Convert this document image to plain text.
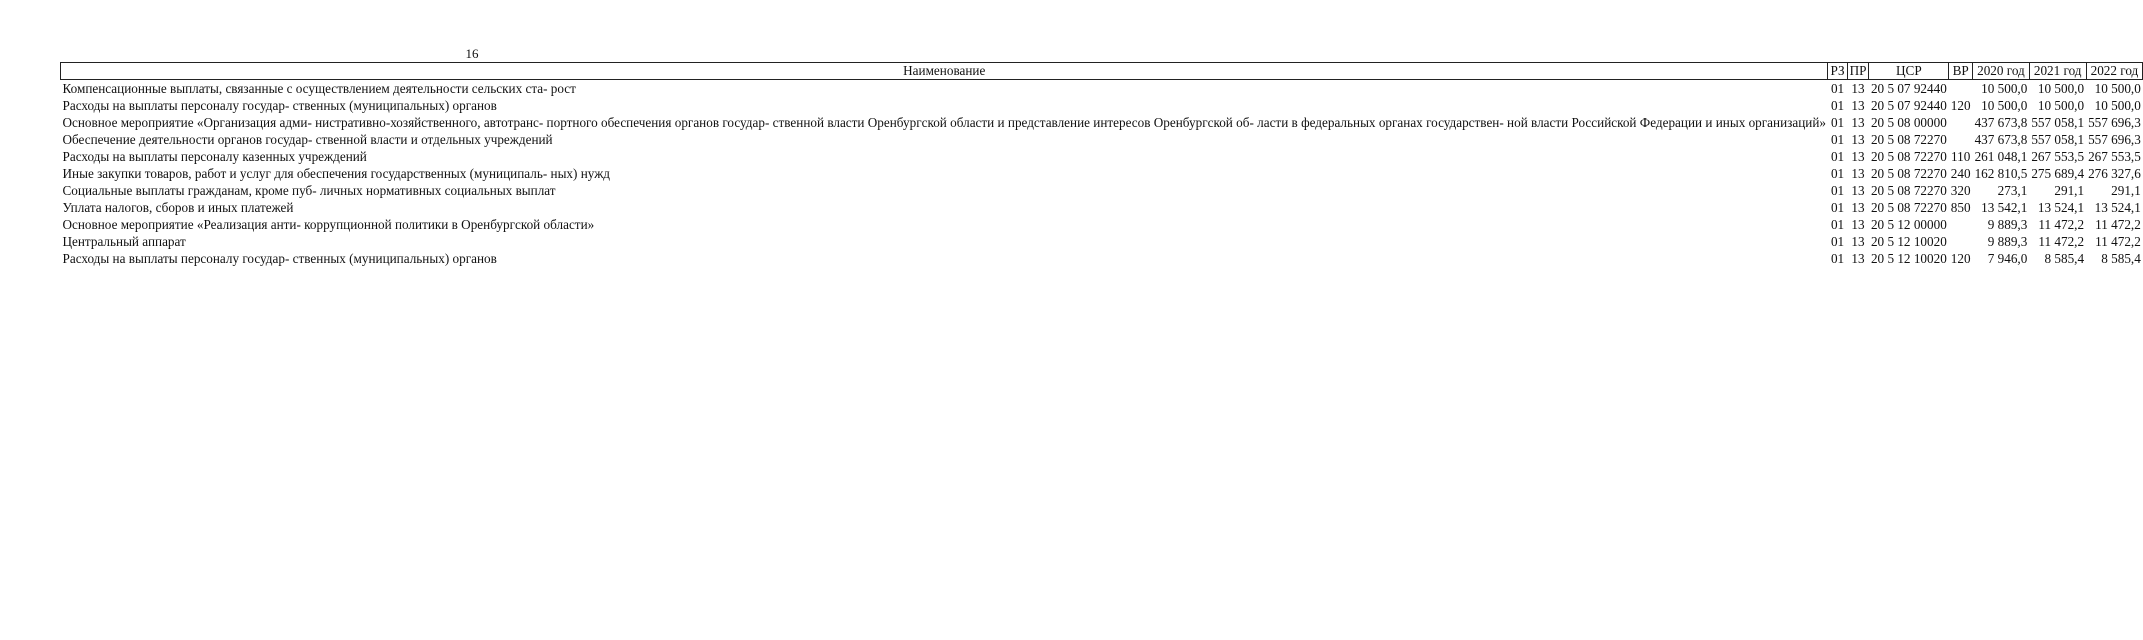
16
Наименование	РЗ	ПР	ЦСР	ВР	2020 год	2021 год	2022 год
Компенсационные выплаты, связанные с осуществлением деятельности сельских ста- рост	01	13	20 5 07 92440		10 500,0	10 500,0	10 500,0
Расходы на выплаты персоналу государ- ственных (муниципальных) органов	01	13	20 5 07 92440	120	10 500,0	10 500,0	10 500,0
Основное мероприятие «Организация адми- нистративно-хозяйственного, автотранс- портного обеспечения органов государ- ственной власти Оренбургской области и представление интересов Оренбургской об- ласти в федеральных органах государствен- ной власти Российской Федерации и иных организаций»	01	13	20 5 08 00000		437 673,8	557 058,1	557 696,3
Обеспечение деятельности органов государ- ственной власти и отдельных учреждений	01	13	20 5 08 72270		437 673,8	557 058,1	557 696,3
Расходы на выплаты персоналу казенных учреждений	01	13	20 5 08 72270	110	261 048,1	267 553,5	267 553,5
Иные закупки товаров, работ и услуг для обеспечения государственных (муниципаль- ных) нужд	01	13	20 5 08 72270	240	162 810,5	275 689,4	276 327,6
Социальные выплаты гражданам, кроме пуб- личных нормативных социальных выплат	01	13	20 5 08 72270	320	273,1	291,1	291,1
Уплата налогов, сборов и иных платежей	01	13	20 5 08 72270	850	13 542,1	13 524,1	13 524,1
Основное мероприятие «Реализация анти- коррупционной политики в Оренбургской области»	01	13	20 5 12 00000		9 889,3	11 472,2	11 472,2
Центральный аппарат	01	13	20 5 12 10020		9 889,3	11 472,2	11 472,2
Расходы на выплаты персоналу государ- ственных (муниципальных) органов	01	13	20 5 12 10020	120	7 946,0	8 585,4	8 585,4
